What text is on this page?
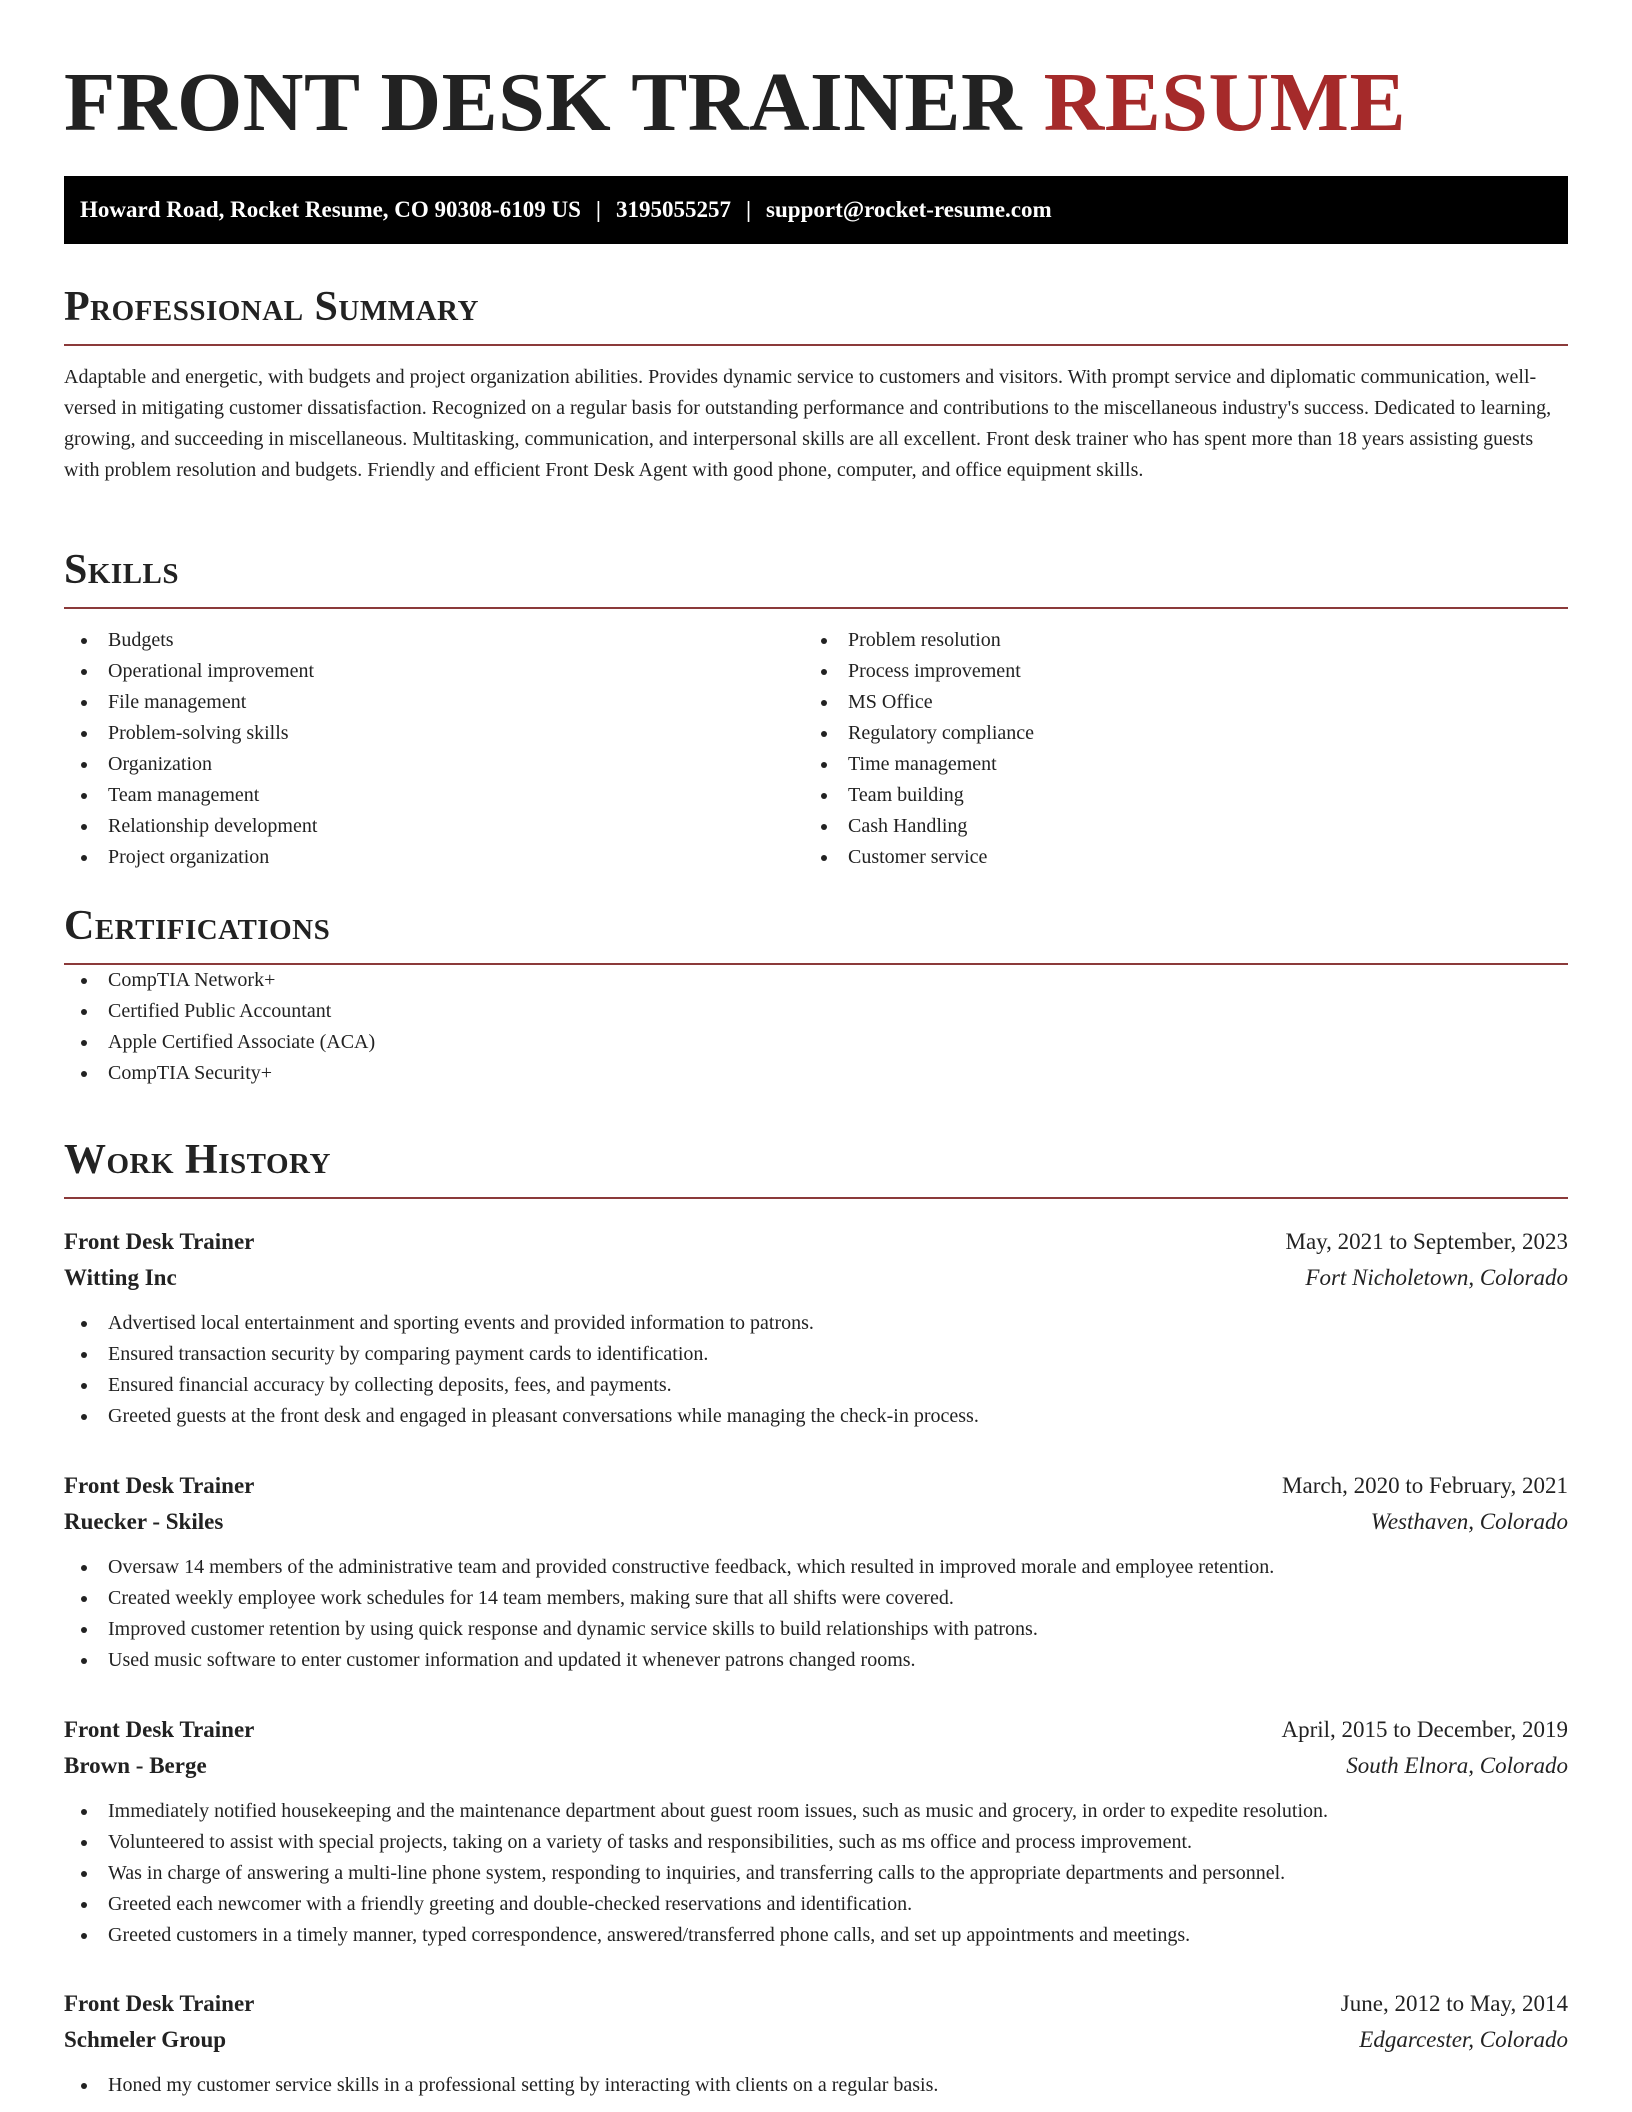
FRONT DESK TRAINER RESUME
Howard Road, Rocket Resume, CO 90308-6109 US | 3195055257 | support@rocket-resume.com
Professional Summary

Adaptable and energetic, with budgets and project organization abilities. Provides dynamic service to customers and visitors. With prompt service and diplomatic communication, well-versed in mitigating customer dissatisfaction. Recognized on a regular basis for outstanding performance and contributions to the miscellaneous industry's success. Dedicated to learning, growing, and succeeding in miscellaneous. Multitasking, communication, and interpersonal skills are all excellent. Front desk trainer who has spent more than 18 years assisting guests with problem resolution and budgets. Friendly and efficient Front Desk Agent with good phone, computer, and office equipment skills.

Skills
Budgets
Operational improvement
File management
Problem-solving skills
Organization
Team management
Relationship development
Project organization
Problem resolution
Process improvement
MS Office
Regulatory compliance
Time management
Team building
Cash Handling
Customer service
Certifications
CompTIA Network+
Certified Public Accountant
Apple Certified Associate (ACA)
CompTIA Security+
Work History
Front Desk Trainer	May, 2021 to September, 2023
Witting Inc	Fort Nicholetown, Colorado
Advertised local entertainment and sporting events and provided information to patrons.
Ensured transaction security by comparing payment cards to identification.
Ensured financial accuracy by collecting deposits, fees, and payments.
Greeted guests at the front desk and engaged in pleasant conversations while managing the check-in process.
Front Desk Trainer	March, 2020 to February, 2021
Ruecker - Skiles	Westhaven, Colorado
Oversaw 14 members of the administrative team and provided constructive feedback, which resulted in improved morale and employee retention.
Created weekly employee work schedules for 14 team members, making sure that all shifts were covered.
Improved customer retention by using quick response and dynamic service skills to build relationships with patrons.
Used music software to enter customer information and updated it whenever patrons changed rooms.
Front Desk Trainer	April, 2015 to December, 2019
Brown - Berge	South Elnora, Colorado
Immediately notified housekeeping and the maintenance department about guest room issues, such as music and grocery, in order to expedite resolution.
Volunteered to assist with special projects, taking on a variety of tasks and responsibilities, such as ms office and process improvement.
Was in charge of answering a multi-line phone system, responding to inquiries, and transferring calls to the appropriate departments and personnel.
Greeted each newcomer with a friendly greeting and double-checked reservations and identification.
Greeted customers in a timely manner, typed correspondence, answered/transferred phone calls, and set up appointments and meetings.
Front Desk Trainer	June, 2012 to May, 2014
Schmeler Group	Edgarcester, Colorado
Honed my customer service skills in a professional setting by interacting with clients on a regular basis.
